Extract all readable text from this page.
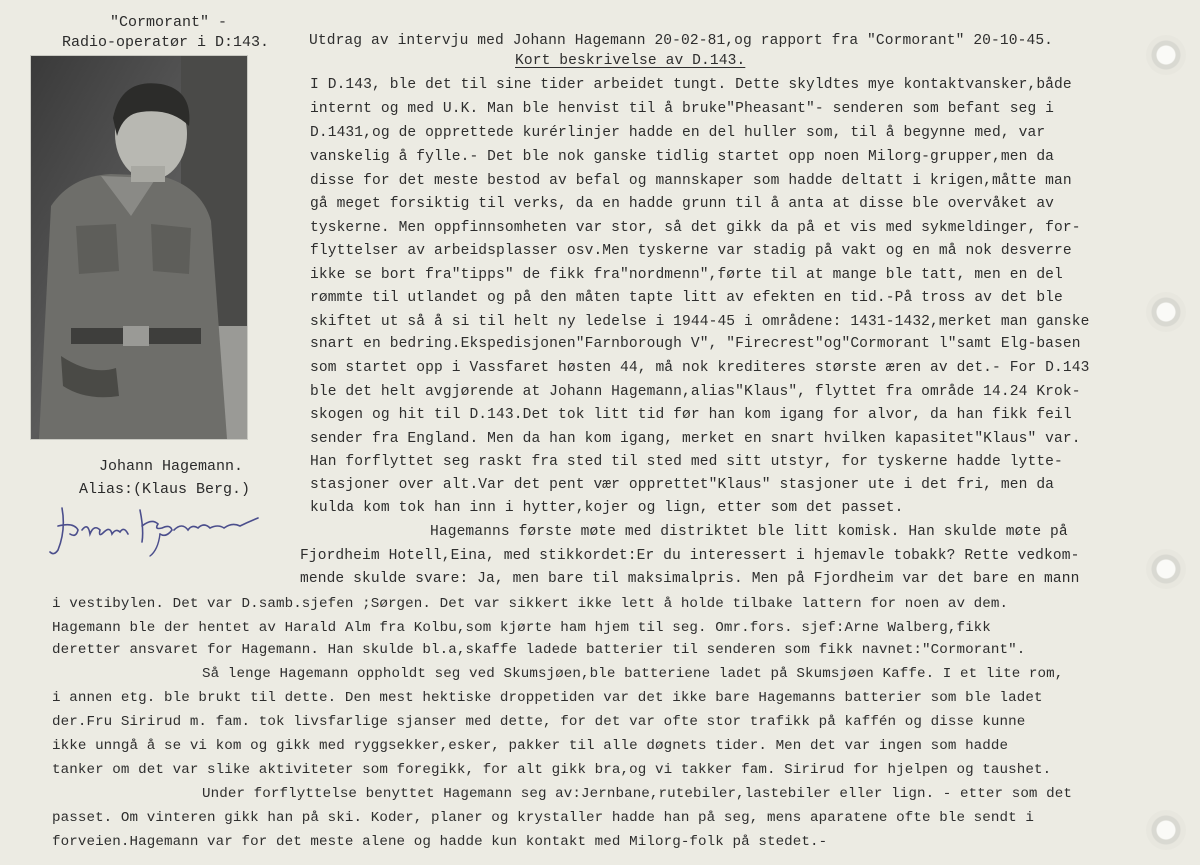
"Cormorant" -
Radio-operatør i D:143.
Johann Hagemann.
Alias:(Klaus Berg.)
Utdrag av intervju med Johann Hagemann 20-02-81,og rapport fra "Cormorant" 20-10-45.
Kort beskrivelse av D.143.
I D.143, ble det til sine tider arbeidet tungt. Dette skyldtes mye kontaktvansker,både
internt og med U.K. Man ble henvist til å bruke"Pheasant"- senderen som befant seg i
D.1431,og de opprettede kurérlinjer hadde en del huller som, til å begynne med, var
vanskelig å fylle.- Det ble nok ganske tidlig startet opp noen Milorg-grupper,men da
disse for det meste bestod av befal og mannskaper som hadde deltatt i krigen,måtte man
gå meget forsiktig til verks, da en hadde grunn til å anta at disse ble overvåket av
tyskerne. Men oppfinnsomheten var stor, så det gikk da på et vis med sykmeldinger, for-
flyttelser av arbeidsplasser osv.Men tyskerne var stadig på vakt og en må nok desverre
ikke se bort fra"tipps" de fikk fra"nordmenn",førte til at mange ble tatt, men en del
rømmte til utlandet og på den måten tapte litt av efekten en tid.-På tross av det ble
skiftet ut så å si til helt ny ledelse i 1944-45 i områdene: 1431-1432,merket man ganske
snart en bedring.Ekspedisjonen"Farnborough V", "Firecrest"og"Cormorant l"samt Elg-basen
som startet opp i Vassfaret høsten 44, må nok krediteres største æren av det.- For D.143
ble det helt avgjørende at Johann Hagemann,alias"Klaus", flyttet fra område 14.24 Krok-
skogen og hit til D.143.Det tok litt tid før han kom igang for alvor, da han fikk feil
sender fra England. Men da han kom igang, merket en snart hvilken kapasitet"Klaus" var.
Han forflyttet seg raskt fra sted til sted med sitt utstyr, for tyskerne hadde lytte-
stasjoner over alt.Var det pent vær opprettet"Klaus" stasjoner ute i det fri, men da
kulda kom tok han inn i hytter,kojer og lign, etter som det passet.
Hagemanns første møte med distriktet ble litt komisk. Han skulde møte på
Fjordheim Hotell,Eina, med stikkordet:Er du interessert i hjemavle tobakk? Rette vedkom-
mende skulde svare: Ja, men bare til maksimalpris. Men på Fjordheim var det bare en mann
i vestibylen. Det var D.samb.sjefen ;Sørgen. Det var sikkert ikke lett å holde tilbake lattern for noen av dem.
Hagemann ble der hentet av Harald Alm fra Kolbu,som kjørte ham hjem til seg. Omr.fors. sjef:Arne Walberg,fikk
deretter ansvaret for Hagemann. Han skulde bl.a,skaffe ladede batterier til senderen som fikk navnet:"Cormorant".
Så lenge Hagemann oppholdt seg ved Skumsjøen,ble batteriene ladet på Skumsjøen Kaffe. I et lite rom,
i annen etg. ble brukt til dette. Den mest hektiske droppetiden var det ikke bare Hagemanns batterier som ble ladet
der.Fru Sirirud m. fam. tok livsfarlige sjanser med dette, for det var ofte stor trafikk på kaffén og disse kunne
ikke unngå å se vi kom og gikk med ryggsekker,esker, pakker til alle døgnets tider. Men det var ingen som hadde
tanker om det var slike aktiviteter som foregikk, for alt gikk bra,og vi takker fam. Sirirud for hjelpen og taushet.
Under forflyttelse benyttet Hagemann seg av:Jernbane,rutebiler,lastebiler eller lign. - etter som det
passet. Om vinteren gikk han på ski. Koder, planer og krystaller hadde han på seg, mens aparatene ofte ble sendt i
forveien.Hagemann var for det meste alene og hadde kun kontakt med Milorg-folk på stedet.-
